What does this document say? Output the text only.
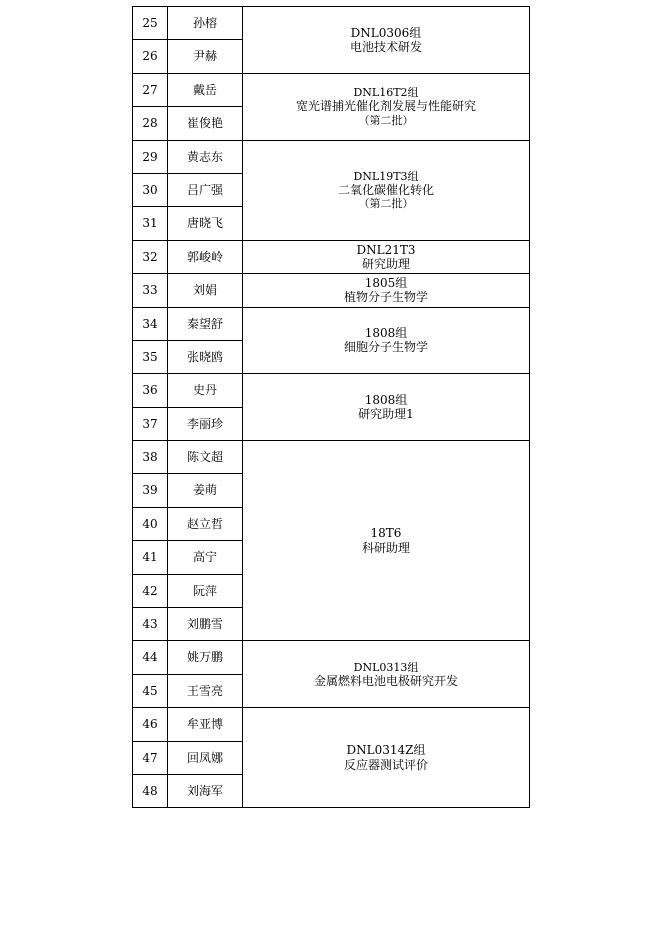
25	孙榕	DNL0306组
电池技术研发

26	尹赫	
27	戴岳	DNL16T2组
宽光谱捕光催化剂发展与性能研究
（第二批）

28	崔俊艳	
29	黄志东	DNL19T3组
二氧化碳催化转化
（第二批）

30	吕广强	
31	唐晓飞	
32	郭峻岭	DNL21T3
研究助理

33	刘娟	1805组
植物分子生物学

34	秦望舒	1808组
细胞分子生物学

35	张晓鸥	
36	史丹	1808组
研究助理1

37	李丽珍	
38	陈文超	18T6
科研助理

39	姜萌	
40	赵立哲	
41	高宁	
42	阮萍	
43	刘鹏雪	
44	姚万鹏	DNL0313组
金属燃料电池电极研究开发

45	王雪亮	
46	牟亚博	DNL0314Z组
反应器测试评价

47	回凤娜	
48	刘海军	
